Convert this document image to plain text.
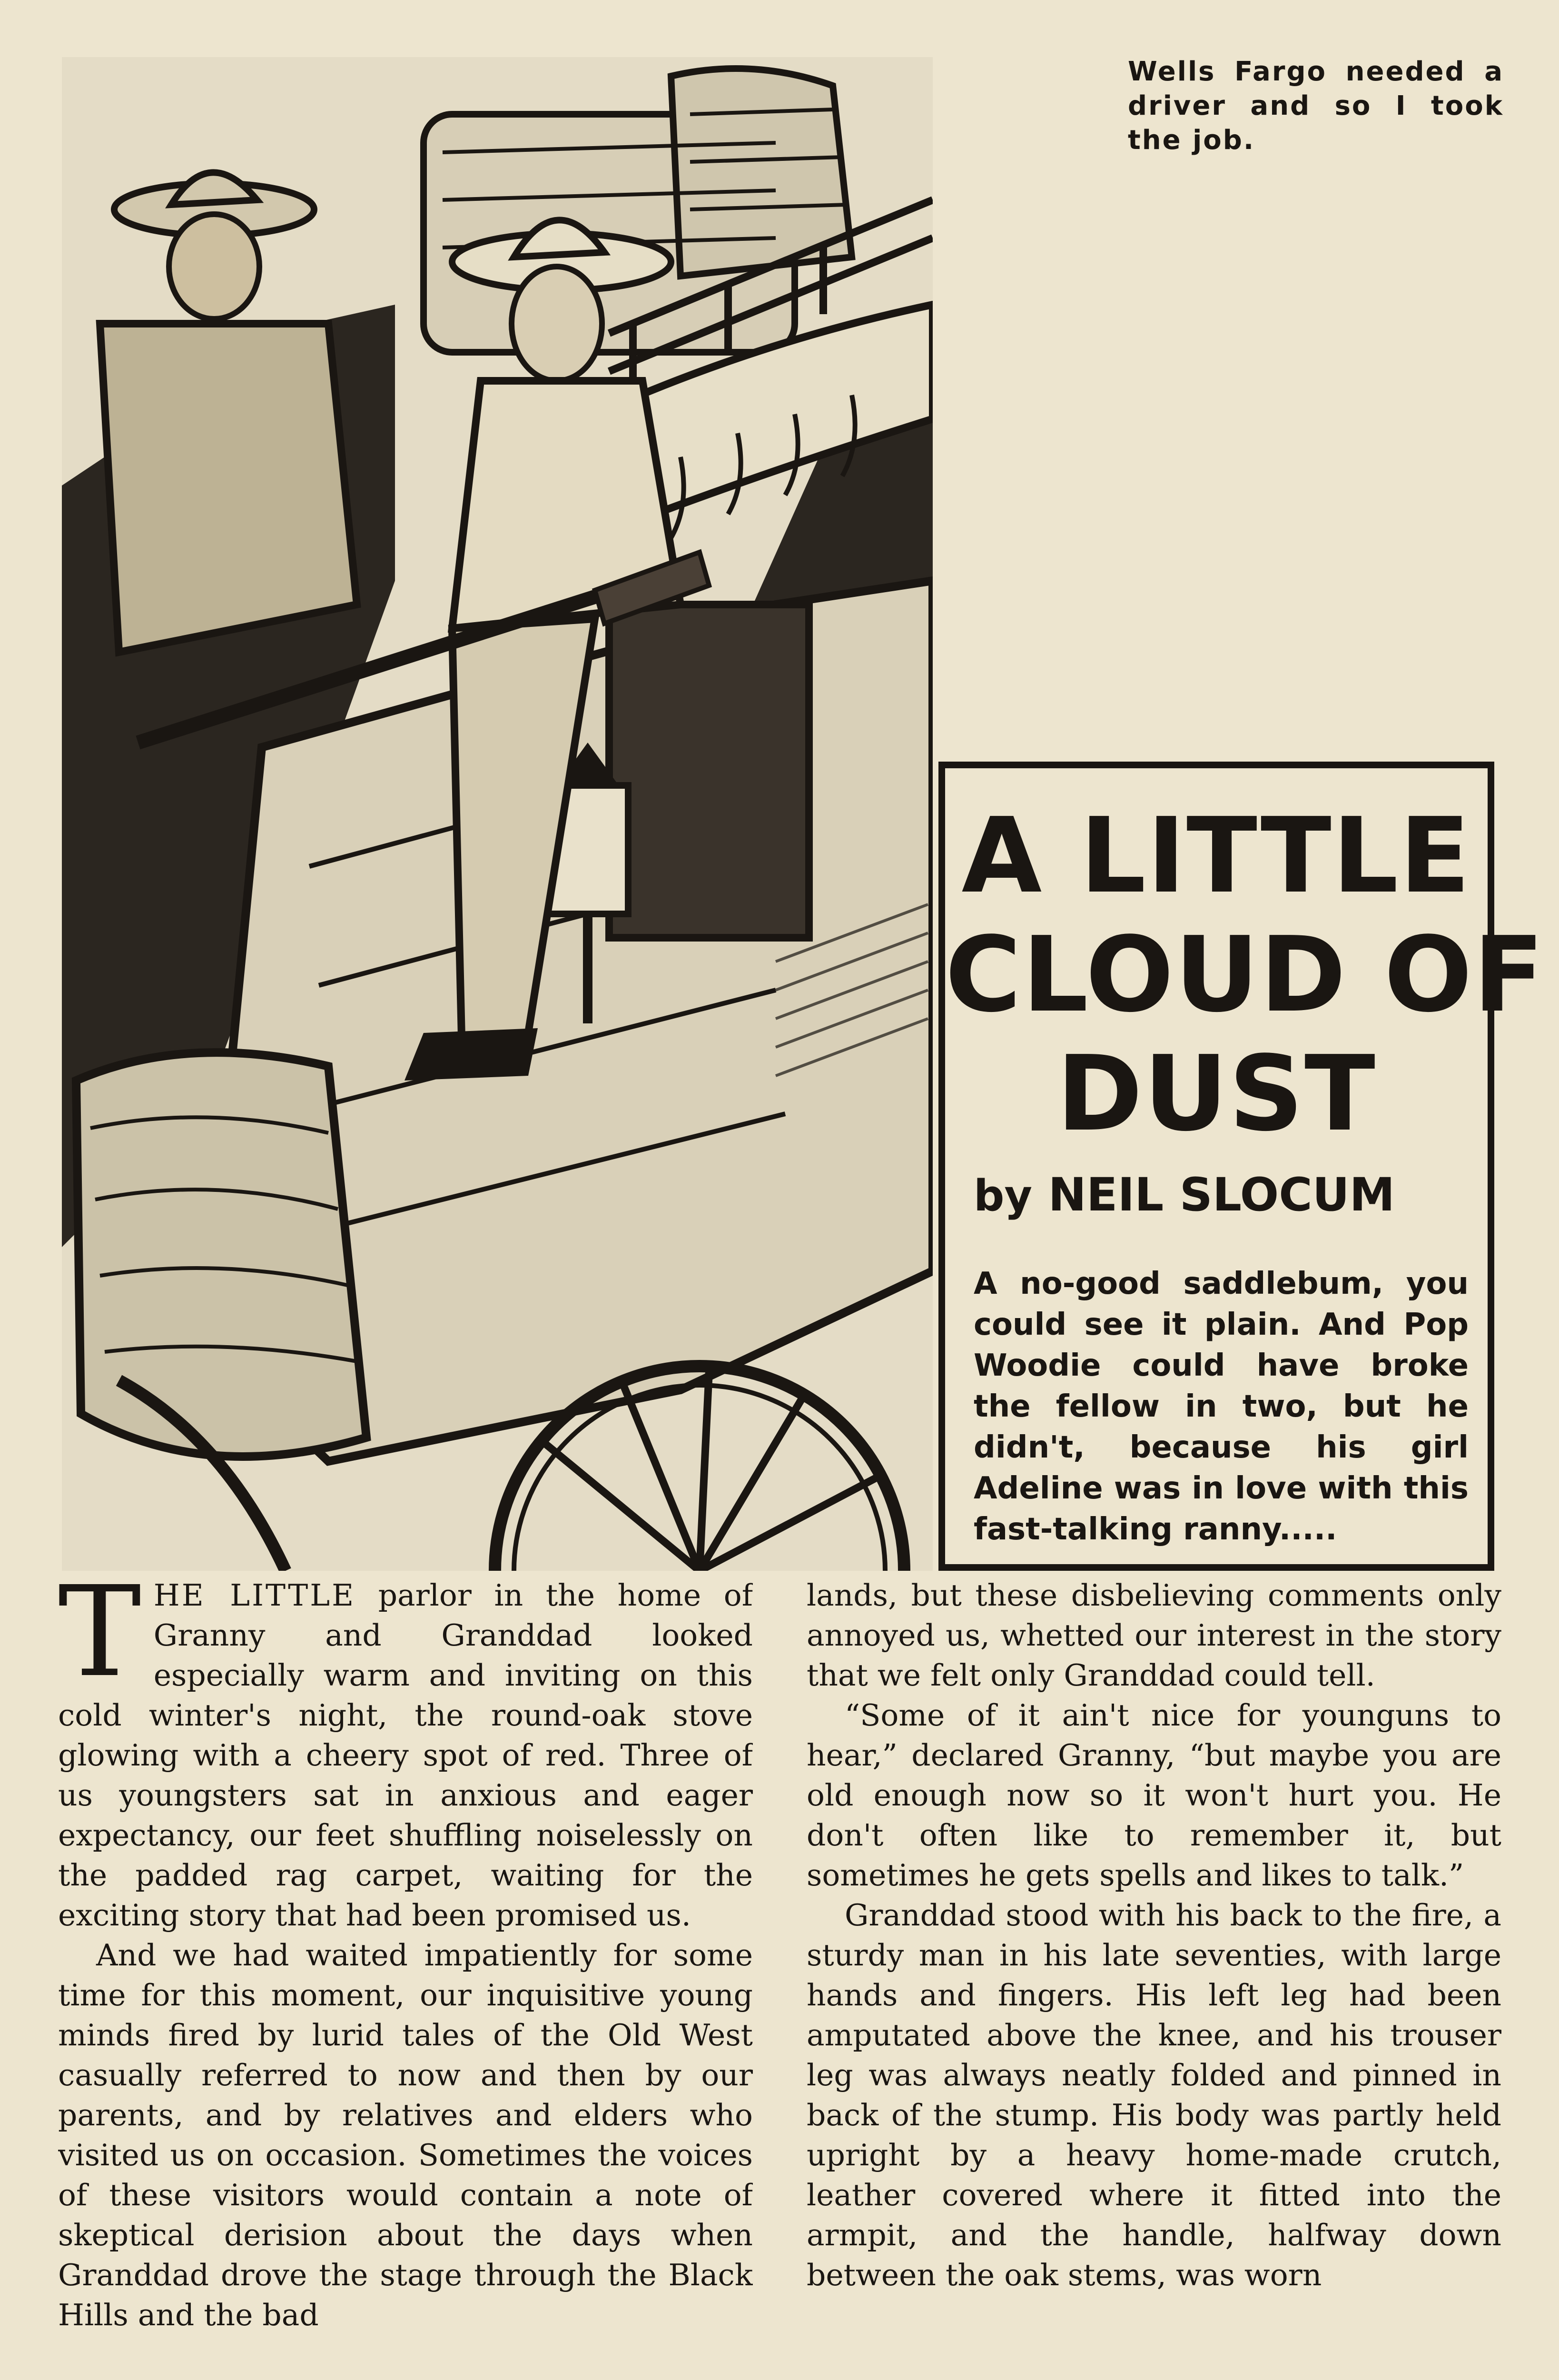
Wells Fargo needed a driver and so I took the job.
A LITTLE
CLOUD OF
DUST
by NEIL SLOCUM
A no-good saddlebum, you could see it plain. And Pop Woodie could have broke the fellow in two, but he didn't, because his girl Adeline was in love with this fast-talking ranny.....

THE LITTLE parlor in the home of Granny and Granddad looked especially warm and inviting on this cold winter's night, the round-oak stove glowing with a cheery spot of red. Three of us youngsters sat in anxious and eager expectancy, our feet shuffling noiselessly on the padded rag carpet, waiting for the exciting story that had been promised us.

And we had waited impatiently for some time for this moment, our inquisitive young minds fired by lurid tales of the Old West casually referred to now and then by our parents, and by relatives and elders who visited us on occasion. Sometimes the voices of these visitors would contain a note of skeptical derision about the days when Granddad drove the stage through the Black Hills and the bad

lands, but these disbelieving comments only annoyed us, whetted our interest in the story that we felt only Granddad could tell.

“Some of it ain't nice for younguns to hear,” declared Granny, “but maybe you are old enough now so it won't hurt you. He don't often like to remember it, but sometimes he gets spells and likes to talk.”

Granddad stood with his back to the fire, a sturdy man in his late seventies, with large hands and fingers. His left leg had been amputated above the knee, and his trouser leg was always neatly folded and pinned in back of the stump. His body was partly held upright by a heavy home-made crutch, leather covered where it fitted into the armpit, and the handle, halfway down between the oak stems, was worn
